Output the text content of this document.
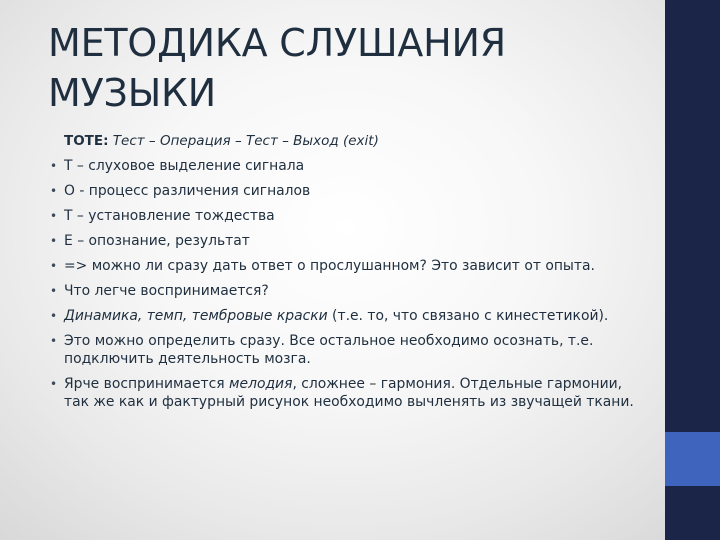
МЕТОДИКА СЛУШАНИЯ
МУЗЫКИ

TOTE: Тест – Операция – Тест – Выход (exit)

• Т – слуховое выделение сигнала
• О - процесс различения сигналов
• Т – установление тождества
• Е – опознание, результат
• => можно ли сразу дать ответ о прослушанном? Это зависит от опыта.
• Что легче воспринимается?
• Динамика, темп, тембровые краски (т.е. то, что связано с кинестетикой).
• Это можно определить сразу. Все остальное необходимо осознать, т.е. подключить деятельность мозга.
• Ярче воспринимается мелодия, сложнее – гармония. Отдельные гармонии, так же как и фактурный рисунок необходимо вычленять из звучащей ткани.
